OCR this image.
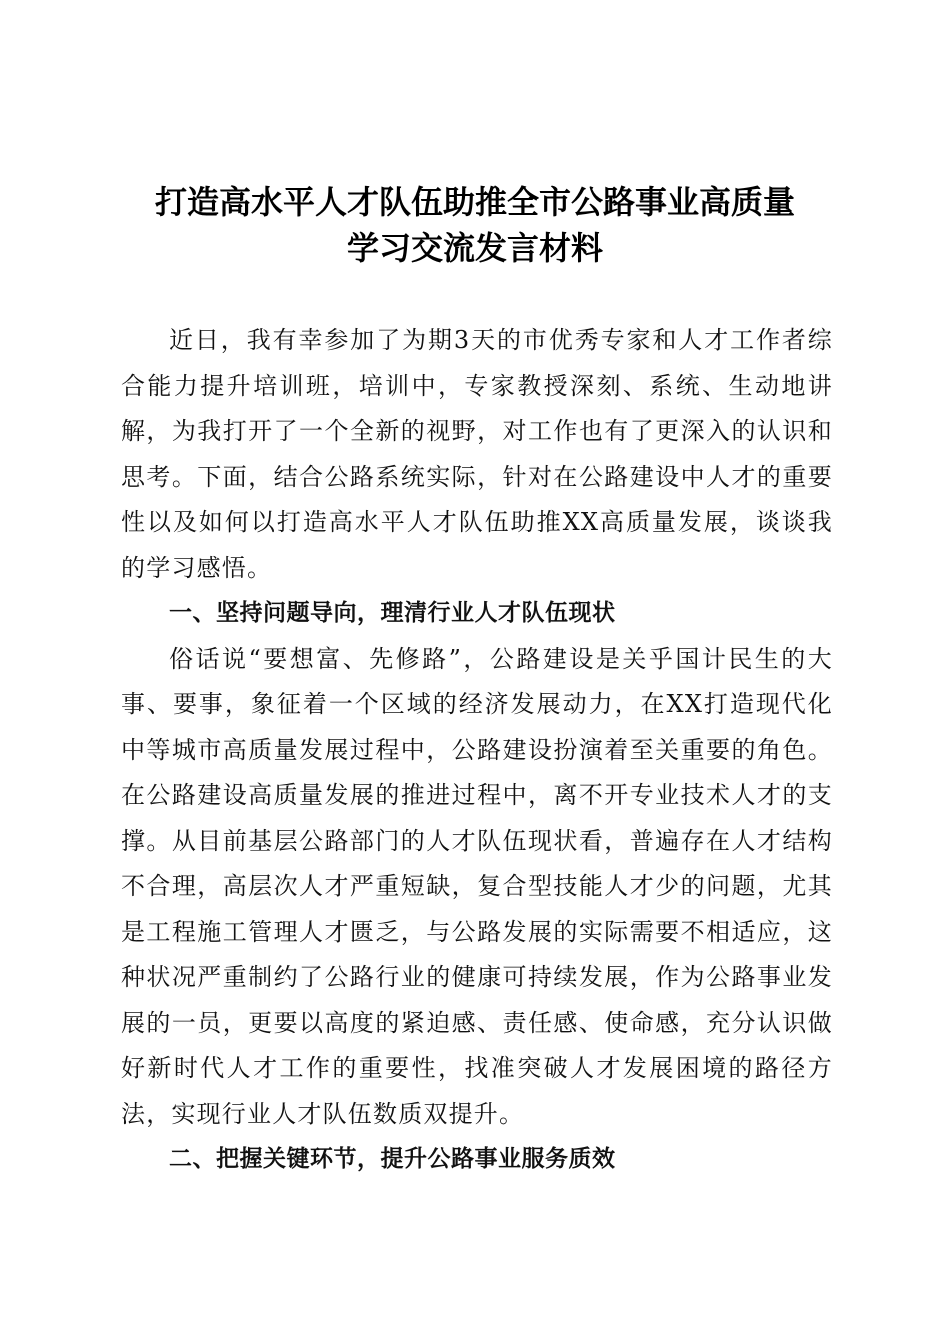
打造高水平人才队伍助推全市公路事业高质量
学习交流发言材料

近日，我有幸参加了为期3天的市优秀专家和人才工作者综合能力提升培训班，培训中，专家教授深刻、系统、生动地讲解，为我打开了一个全新的视野，对工作也有了更深入的认识和思考。下面，结合公路系统实际，针对在公路建设中人才的重要性以及如何以打造高水平人才队伍助推XX高质量发展，谈谈我的学习感悟。

一、坚持问题导向，理清行业人才队伍现状

俗话说“要想富、先修路”，公路建设是关乎国计民生的大事、要事，象征着一个区域的经济发展动力，在XX打造现代化中等城市高质量发展过程中，公路建设扮演着至关重要的角色。在公路建设高质量发展的推进过程中，离不开专业技术人才的支撑。从目前基层公路部门的人才队伍现状看，普遍存在人才结构不合理，高层次人才严重短缺，复合型技能人才少的问题，尤其是工程施工管理人才匮乏，与公路发展的实际需要不相适应，这种状况严重制约了公路行业的健康可持续发展，作为公路事业发展的一员，更要以高度的紧迫感、责任感、使命感，充分认识做好新时代人才工作的重要性，找准突破人才发展困境的路径方法，实现行业人才队伍数质双提升。

二、把握关键环节，提升公路事业服务质效
